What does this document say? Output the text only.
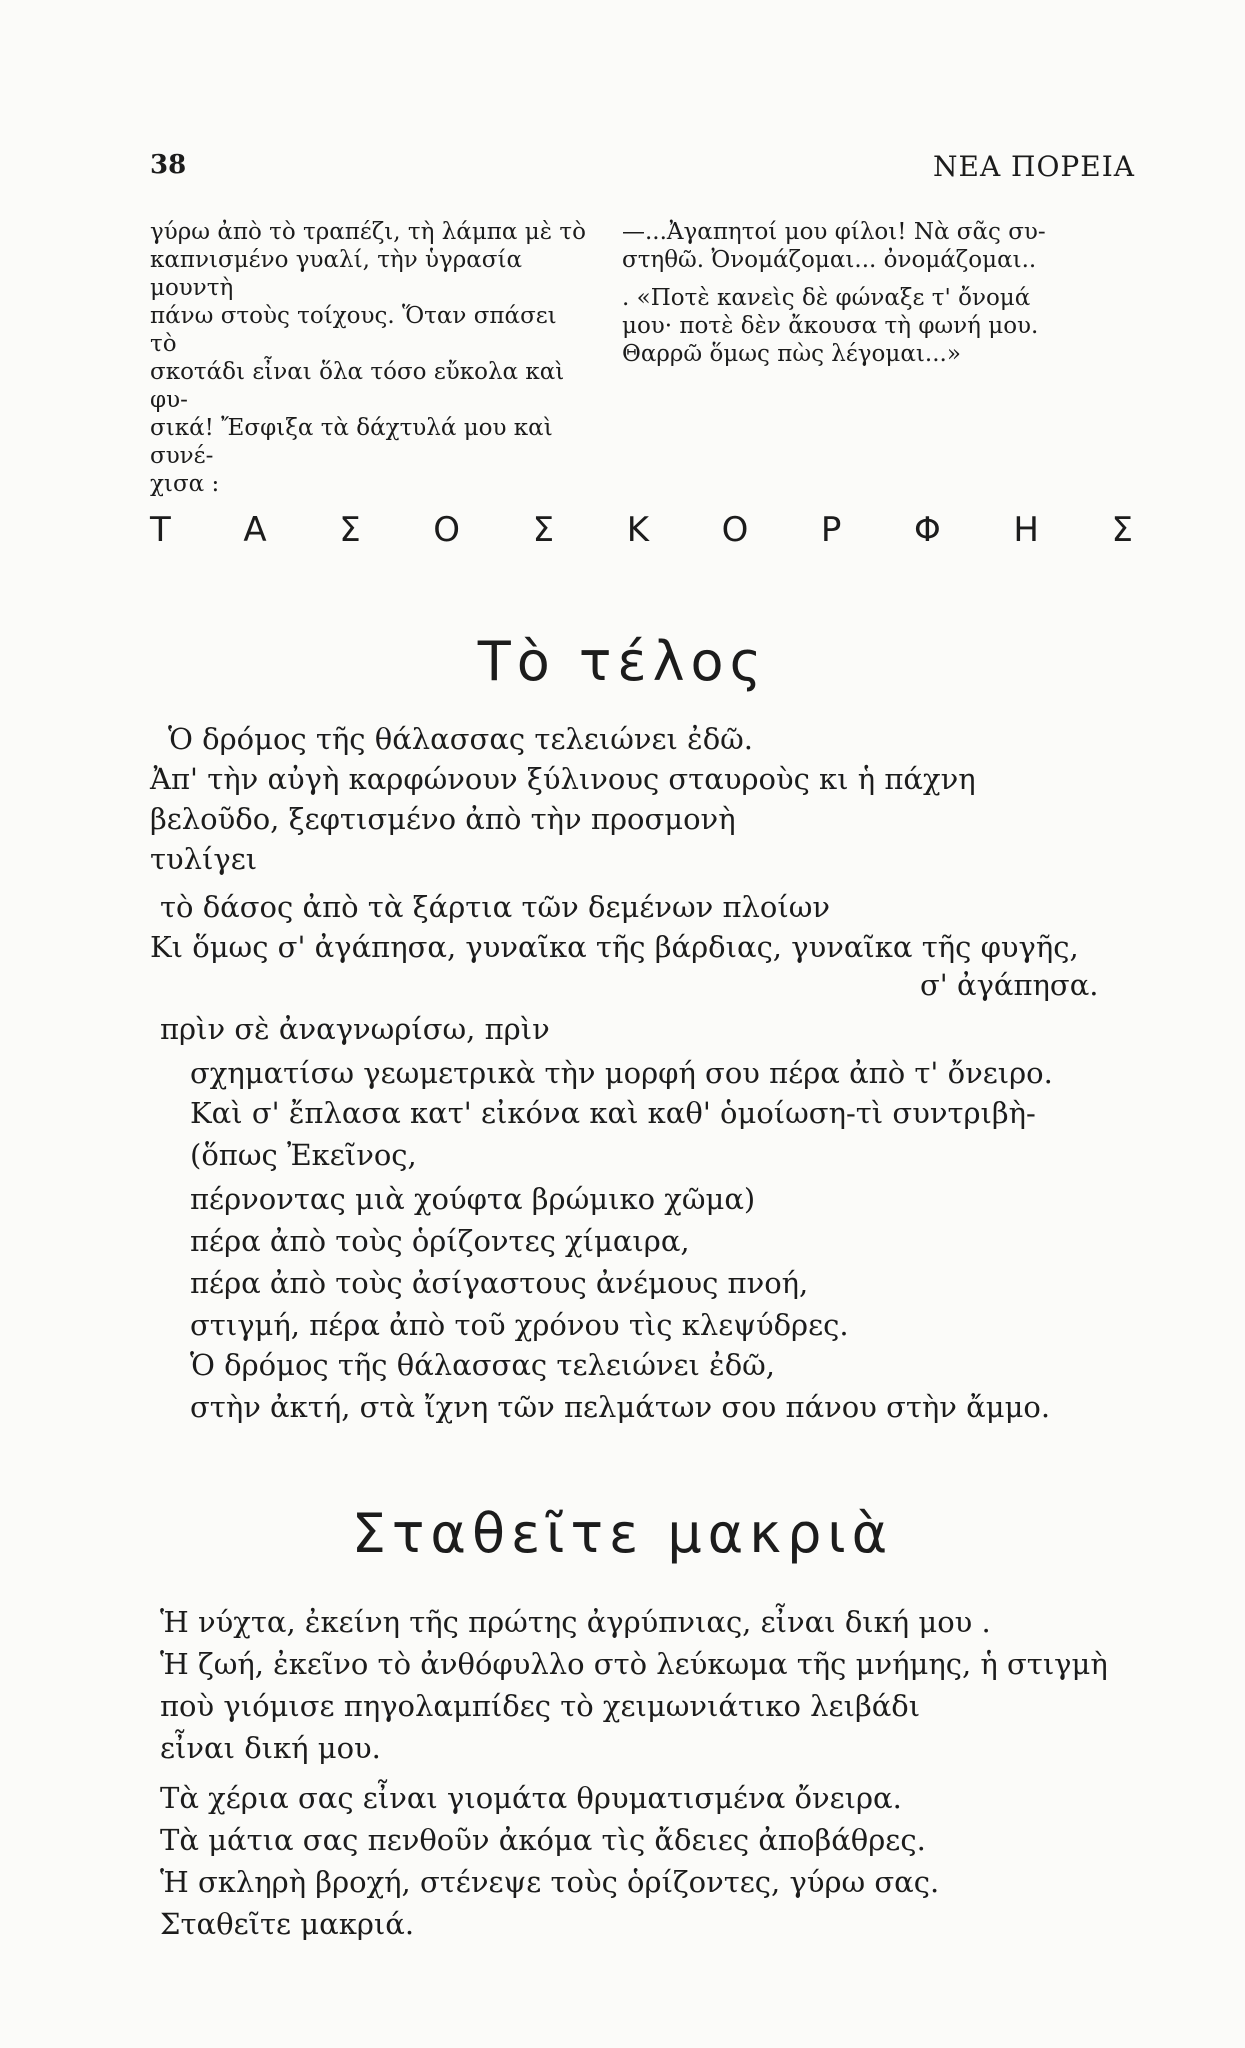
38	ΝΕΑ ΠΟΡΕΙΑ

γύρω ἀπὸ τὸ τραπέζι, τὴ λάμπα μὲ τὸ

καπνισμένο γυαλί, τὴν ὑγρασία μουντὴ

πάνω στοὺς τοίχους. Ὅταν σπάσει τὸ

σκοτάδι εἶναι ὅλα τόσο εὔκολα καὶ φυ-

σικά! Ἔσφιξα τὰ δάχτυλά μου καὶ συνέ-

χισα :

—...Ἀγαπητοί μου φίλοι! Νὰ σᾶς συ-

στηθῶ. Ὀνομάζομαι... ὀνομάζομαι..

. «Ποτὲ κανεὶς δὲ φώναξε τ' ὄνομά

μου· ποτὲ δὲν ἄκουσα τὴ φωνή μου.

Θαρρῶ ὅμως πὼς λέγομαι...»

Τ Α Σ Ο Σ Κ Ο Ρ Φ Η Σ
Τὸ τέλος
Ὁ δρόμος τῆς θάλασσας τελειώνει ἐδῶ.
Ἀπ' τὴν αὐγὴ καρφώνουν ξύλινους σταυροὺς κι ἡ πάχνη
βελοῦδο, ξεφτισμένο ἀπὸ τὴν προσμονὴ
τυλίγει
τὸ δάσος ἀπὸ τὰ ξάρτια τῶν δεμένων πλοίων
Κι ὅμως σ' ἀγάπησα, γυναῖκα τῆς βάρδιας, γυναῖκα τῆς φυγῆς,
σ' ἀγάπησα.
πρὶν σὲ ἀναγνωρίσω, πρὶν
σχηματίσω γεωμετρικὰ τὴν μορφή σου πέρα ἀπὸ τ' ὄνειρο.
Καὶ σ' ἔπλασα κατ' εἰκόνα καὶ καθ' ὁμοίωση-τὶ συντριβὴ-
(ὅπως Ἐκεῖνος,
πέρνοντας μιὰ χούφτα βρώμικο χῶμα)
πέρα ἀπὸ τοὺς ὁρίζοντες χίμαιρα,
πέρα ἀπὸ τοὺς ἀσίγαστους ἀνέμους πνοή,
στιγμή, πέρα ἀπὸ τοῦ χρόνου τὶς κλεψύδρες.
Ὁ δρόμος τῆς θάλασσας τελειώνει ἐδῶ,
στὴν ἀκτή, στὰ ἴχνη τῶν πελμάτων σου πάνου στὴν ἄμμο.
Σταθεῖτε μακριὰ
Ἡ νύχτα, ἐκείνη τῆς πρώτης ἀγρύπνιας, εἶναι δική μου .
Ἡ ζωή, ἐκεῖνο τὸ ἀνθόφυλλο στὸ λεύκωμα τῆς μνήμης, ἡ στιγμὴ
ποὺ γιόμισε πηγολαμπίδες τὸ χειμωνιάτικο λειβάδι
εἶναι δική μου.
Τὰ χέρια σας εἶναι γιομάτα θρυματισμένα ὄνειρα.
Τὰ μάτια σας πενθοῦν ἀκόμα τὶς ἄδειες ἀποβάθρες.
Ἡ σκληρὴ βροχή, στένεψε τοὺς ὁρίζοντες, γύρω σας.
Σταθεῖτε μακριά.
